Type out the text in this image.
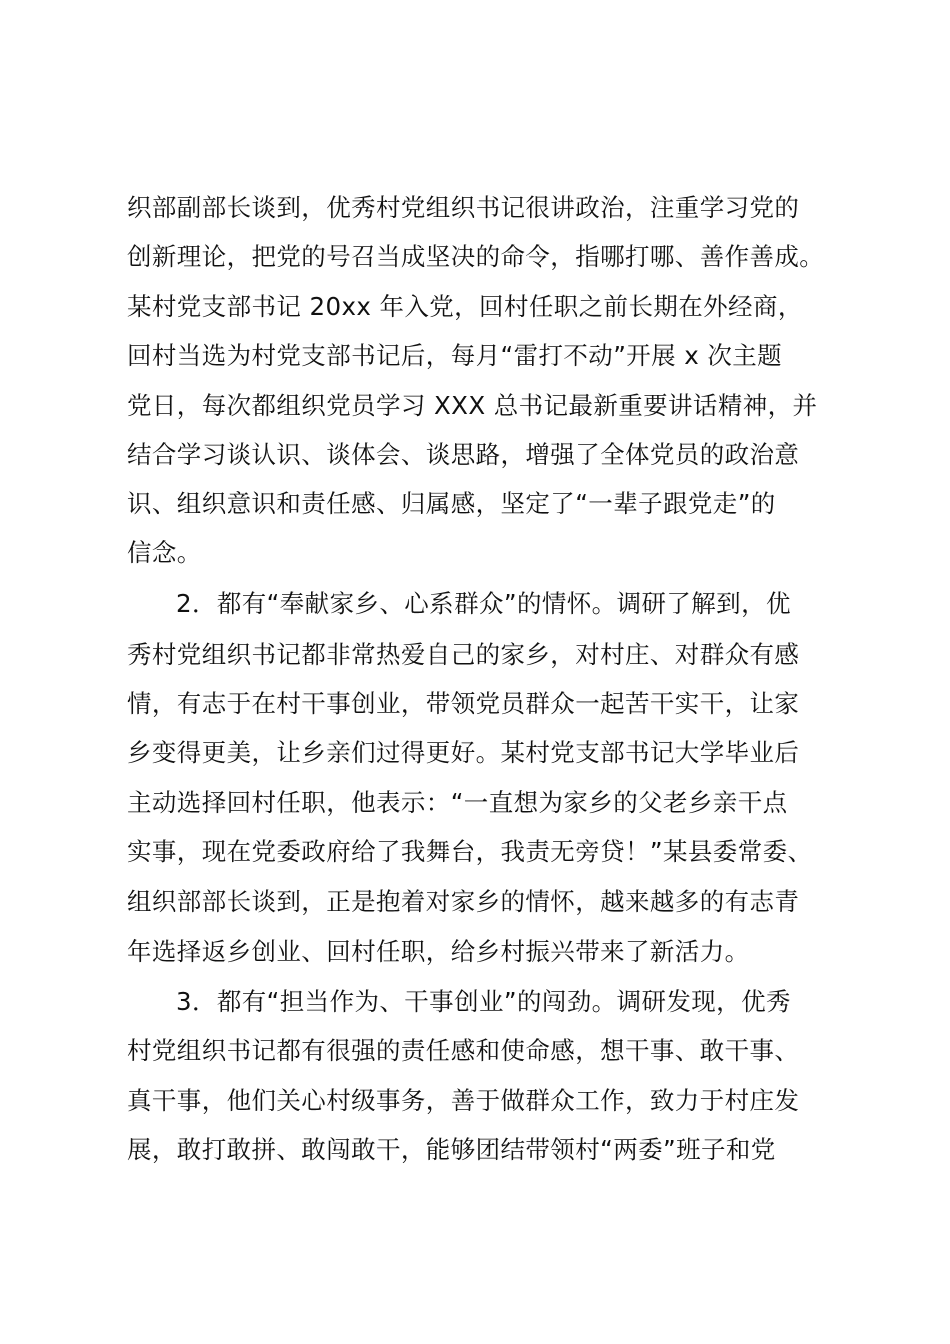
织部副部长谈到，优秀村党组织书记很讲政治，注重学习党的
创新理论，把党的号召当成坚决的命令，指哪打哪、善作善成。
某村党支部书记 20xx 年入党，回村任职之前长期在外经商，
回村当选为村党支部书记后，每月“雷打不动”开展 x 次主题
党日，每次都组织党员学习 XXX 总书记最新重要讲话精神，并
结合学习谈认识、谈体会、谈思路，增强了全体党员的政治意
识、组织意识和责任感、归属感，坚定了“一辈子跟党走”的
信念。
2．都有“奉献家乡、心系群众”的情怀。调研了解到，优
秀村党组织书记都非常热爱自己的家乡，对村庄、对群众有感
情，有志于在村干事创业，带领党员群众一起苦干实干，让家
乡变得更美，让乡亲们过得更好。某村党支部书记大学毕业后
主动选择回村任职，他表示：“一直想为家乡的父老乡亲干点
实事，现在党委政府给了我舞台，我责无旁贷！”某县委常委、
组织部部长谈到，正是抱着对家乡的情怀，越来越多的有志青
年选择返乡创业、回村任职，给乡村振兴带来了新活力。
3．都有“担当作为、干事创业”的闯劲。调研发现，优秀
村党组织书记都有很强的责任感和使命感，想干事、敢干事、
真干事，他们关心村级事务，善于做群众工作，致力于村庄发
展，敢打敢拼、敢闯敢干，能够团结带领村“两委”班子和党
